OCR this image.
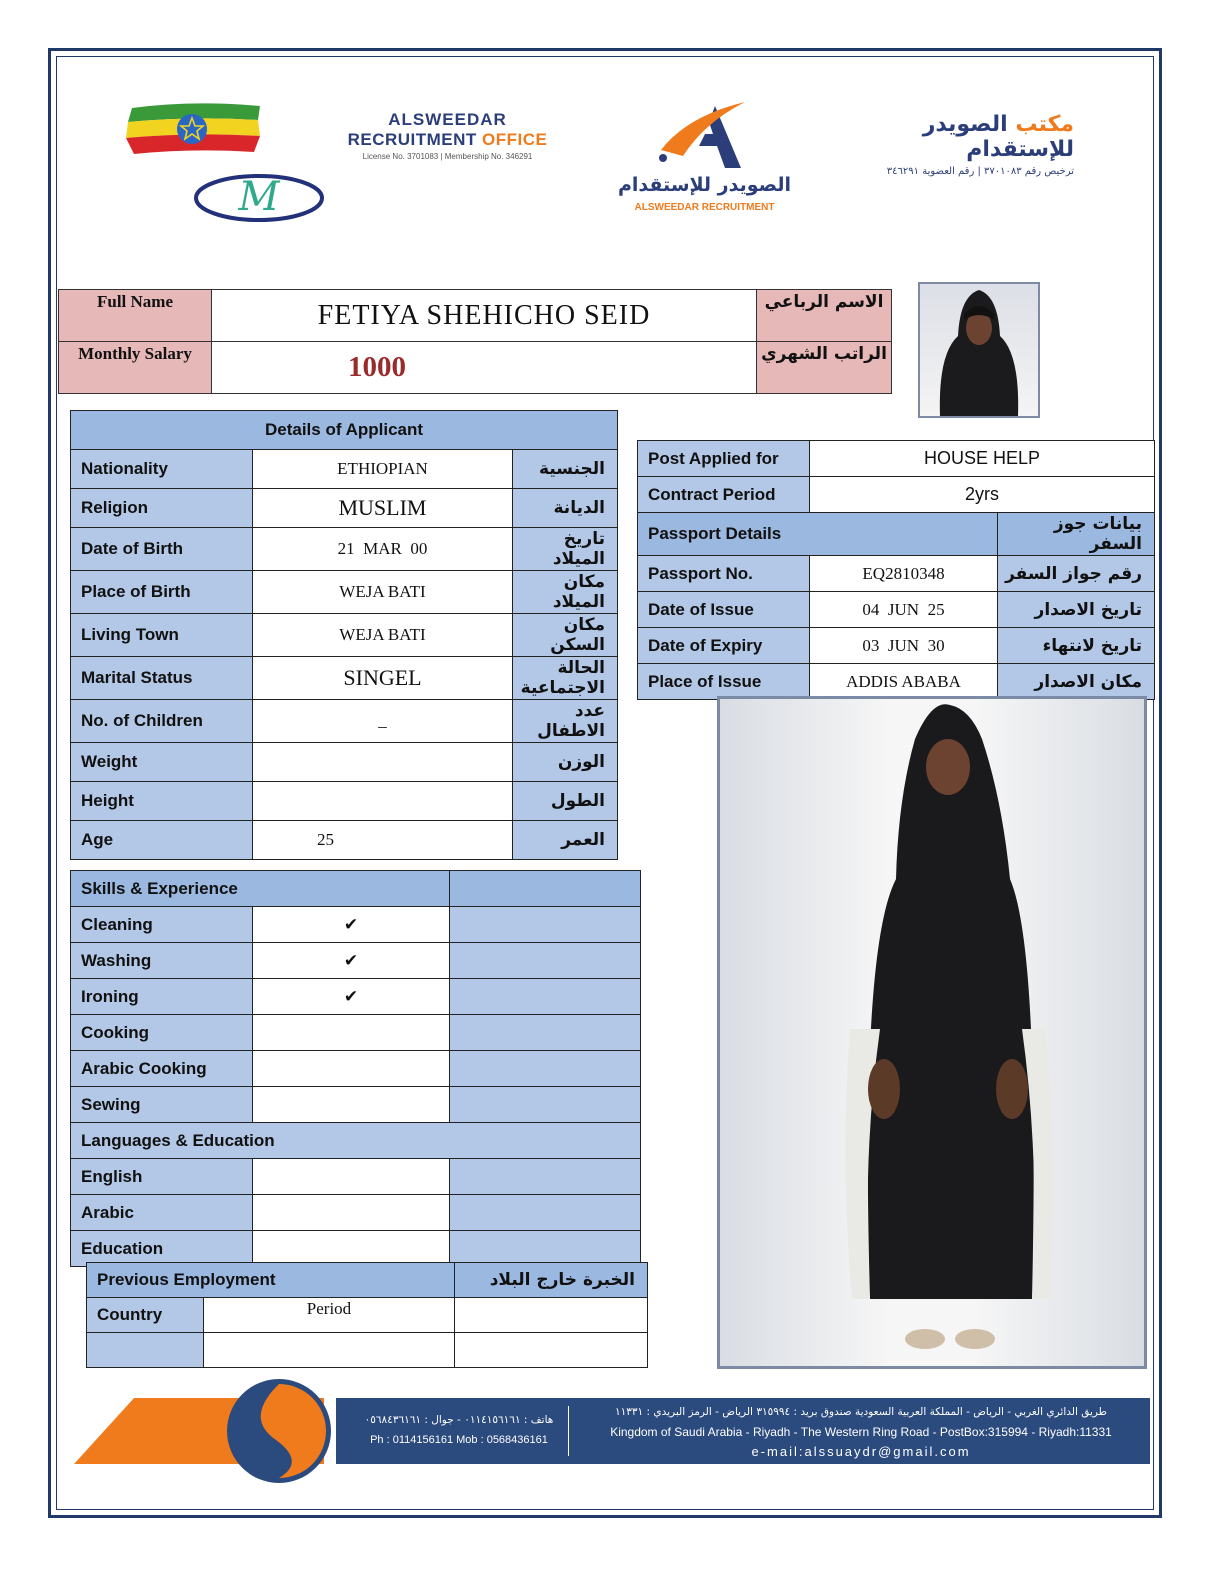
M
ALSWEEDAR
RECRUITMENT OFFICE
License No. 3701083 | Membership No. 346291
الصويدر للإستقدام
ALSWEEDAR RECRUITMENT
مكتب الصويدر للإستقدام
ترخيص رقم ٣٧٠١٠٨٣ | رقم العضوية ٣٤٦٢٩١
Full Name	FETIYA SHEHICHO SEID	الاسم الرباعي
Monthly Salary	1000	الراتب الشهري
Details of Applicant		
Nationality	ETHIOPIAN	الجنسية
Religion	MUSLIM	الديانة
Date of Birth	21  MAR  00	تاريخ الميلاد
Place of Birth	WEJA BATI	مكان الميلاد
Living Town	WEJA BATI	مكان السكن
Marital Status	SINGEL	الحالة الاجتماعية
No. of Children	_	عدد الاطفال
Weight		الوزن
Height		الطول
Age	25	العمر
Post Applied for	HOUSE HELP	
Contract Period	2yrs	
Passport Details		بيانات جوز السفر
Passport No.	EQ2810348	رقم جواز السفر
Date of Issue	04  JUN  25	تاريخ الاصدار
Date of Expiry	03  JUN  30	تاريخ لانتهاء
Place of Issue	ADDIS ABABA	مكان الاصدار
Skills & Experience		
Cleaning	✔	
Washing	✔	
Ironing	✔	
Cooking		
Arabic Cooking		
Sewing		
Languages & Education		
English		
Arabic		
Education		
Previous Employment		الخبرة خارج البلاد
Country	Period	

هاتف : ٠١١٤١٥٦١٦١ - جوال : ٠٥٦٨٤٣٦١٦١
Ph : 0114156161 Mob : 0568436161
طريق الدائري الغربي - الرياض - المملكة العربية السعودية صندوق بريد : ٣١٥٩٩٤ الرياض - الرمز البريدي : ١١٣٣١
Kingdom of Saudi Arabia - Riyadh - The Western Ring Road - PostBox:315994 - Riyadh:11331
e-mail:alssuaydr@gmail.com
